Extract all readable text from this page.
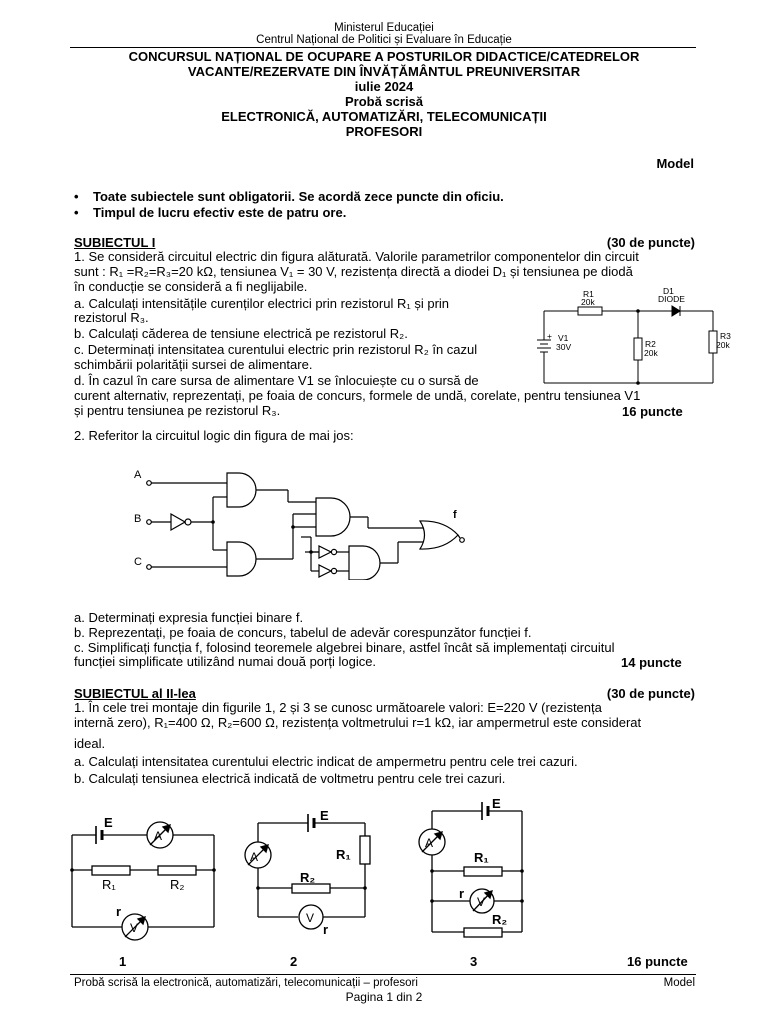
Ministerul Educației
Centrul Național de Politici și Evaluare în Educație
CONCURSUL NAȚIONAL DE OCUPARE A POSTURILOR DIDACTICE/CATEDRELOR
VACANTE/REZERVATE DIN ÎNVĂȚĂMÂNTUL PREUNIVERSITAR
iulie 2024
Probă scrisă
ELECTRONICĂ, AUTOMATIZĂRI, TELECOMUNICAȚII
PROFESORI
Model
• Toate subiectele sunt obligatorii. Se acordă zece puncte din oficiu.
• Timpul de lucru efectiv este de patru ore.
SUBIECTUL I	(30 de puncte)
1. Se consideră circuitul electric din figura alăturată. Valorile parametrilor componentelor din circuit
sunt : R₁ =R₂=R₃=20 kΩ, tensiunea V₁ = 30 V, rezistența directă a diodei D₁ și tensiunea pe diodă
în conducție se consideră a fi neglijabile.
a. Calculați intensitățile curenților electrici prin rezistorul R₁ și prin
rezistorul R₃.
b. Calculați căderea de tensiune electrică pe rezistorul R₂.
c. Determinați intensitatea curentului electric prin rezistorul R₂ în cazul
schimbării polarității sursei de alimentare.
d. În cazul în care sursa de alimentare V1 se înlocuiește cu o sursă de
curent alternativ, reprezentați, pe foaia de concurs, formele de undă, corelate, pentru tensiunea V1
și pentru tensiunea pe rezistorul R₃.	16 puncte
R1
20k
D1
DIODE
V1
30V
+
R2
20k
R3
20k
2. Referitor la circuitul logic din figura de mai jos:
A
B
C
f
a. Determinați expresia funcției binare f.
b. Reprezentați, pe foaia de concurs, tabelul de adevăr corespunzător funcției f.
c. Simplificați funcția f, folosind teoremele algebrei binare, astfel încât să implementați circuitul
funcției simplificate utilizând numai două porți logice.	14 puncte
SUBIECTUL al II-lea	(30 de puncte)
1. În cele trei montaje din figurile 1, 2 și 3 se cunosc următoarele valori: E=220 V (rezistența
internă zero), R₁=400 Ω, R₂=600 Ω, rezistența voltmetrului r=1 kΩ, iar ampermetrul este considerat
ideal.
a. Calculați intensitatea curentului electric indicat de ampermetru pentru cele trei cazuri.
b. Calculați tensiunea electrică indicată de voltmetru pentru cele trei cazuri.
E
A
R₁	R₂
r
V
E
A	R₁
R₂
V
r
E
A
R₁
r
V
R₂
1	2	3	16 puncte
Probă scrisă la electronică, automatizări, telecomunicații – profesori	Model
Pagina 1 din 2
